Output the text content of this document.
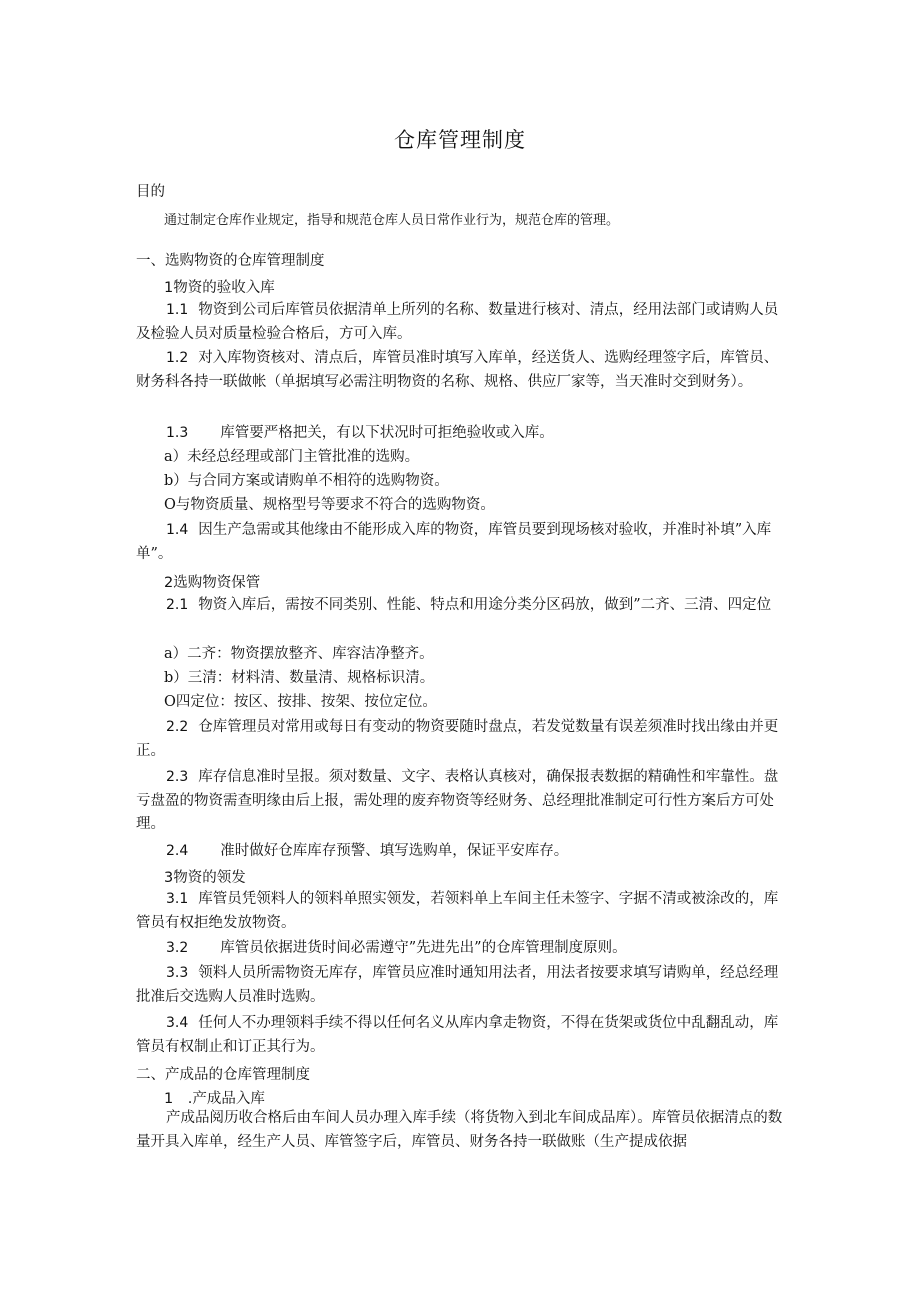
仓库管理制度
目的

通过制定仓库作业规定，指导和规范仓库人员日常作业行为，规范仓库的管理。

一、选购物资的仓库管理制度
1物资的验收入库

1.1 物资到公司后库管员依据清单上所列的名称、数量进行核对、清点，经用法部门或请购人员及检验人员对质量检验合格后，方可入库。

1.2 对入库物资核对、清点后，库管员准时填写入库单，经送货人、选购经理签字后，库管员、财务科各持一联做帐（单据填写必需注明物资的名称、规格、供应厂家等，当天准时交到财务）。

1.3 库管要严格把关，有以下状况时可拒绝验收或入库。

a）未经总经理或部门主管批准的选购。

b）与合同方案或请购单不相符的选购物资。

O与物资质量、规格型号等要求不符合的选购物资。

1.4 因生产急需或其他缘由不能形成入库的物资，库管员要到现场核对验收，并准时补填”入库单”。

2选购物资保管

2.1 物资入库后，需按不同类别、性能、特点和用途分类分区码放，做到”二齐、三清、四定位

a）二齐：物资摆放整齐、库容洁净整齐。

b）三清：材料清、数量清、规格标识清。

O四定位：按区、按排、按架、按位定位。

2.2 仓库管理员对常用或每日有变动的物资要随时盘点，若发觉数量有误差须准时找出缘由并更正。

2.3 库存信息准时呈报。须对数量、文字、表格认真核对，确保报表数据的精确性和牢靠性。盘亏盘盈的物资需查明缘由后上报，需处理的废弃物资等经财务、总经理批准制定可行性方案后方可处理。

2.4 准时做好仓库库存预警、填写选购单，保证平安库存。

3物资的领发

3.1 库管员凭领料人的领料单照实领发，若领料单上车间主任未签字、字据不清或被涂改的，库管员有权拒绝发放物资。

3.2 库管员依据进货时间必需遵守”先进先出”的仓库管理制度原则。

3.3 领料人员所需物资无库存，库管员应准时通知用法者，用法者按要求填写请购单，经总经理批准后交选购人员准时选购。

3.4 任何人不办理领料手续不得以任何名义从库内拿走物资，不得在货架或货位中乱翻乱动，库管员有权制止和订正其行为。

二、产成品的仓库管理制度
1　.产成品入库

产成品阅历收合格后由车间人员办理入库手续（将货物入到北车间成品库）。库管员依据清点的数量开具入库单，经生产人员、库管签字后，库管员、财务各持一联做账（生产提成依据
